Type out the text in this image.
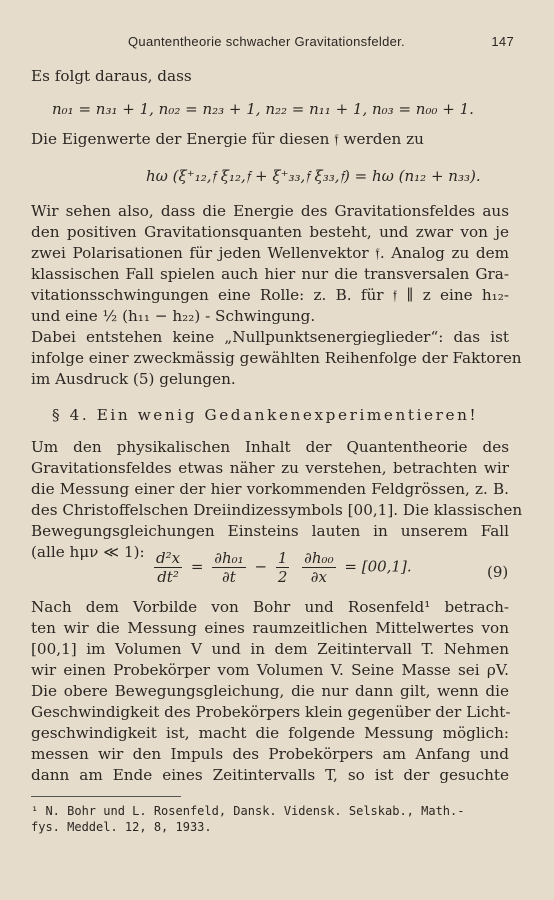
Quantentheorie schwacher Gravitationsfelder.	147
Es folgt daraus, dass
n₀₁ = n₃₁ + 1, n₀₂ = n₂₃ + 1, n₂₂ = n₁₁ + 1, n₀₃ = n₀₀ + 1.
Die Eigenwerte der Energie für diesen 𝔣 werden zu
hω (ξ⁺₁₂,𝔣 ξ₁₂,𝔣 + ξ⁺₃₃,𝔣 ξ₃₃,𝔣) = hω (n₁₂ + n₃₃).
Wir sehen also, dass die Energie des Gravitationsfeldes aus
den positiven Gravitationsquanten besteht, und zwar von je
zwei Polarisationen für jeden Wellenvektor 𝔣. Analog zu dem
klassischen Fall spielen auch hier nur die transversalen Gra-
vitationsschwingungen eine Rolle: z. B. für 𝔣 ∥ z eine h₁₂-
und eine ½ (h₁₁ − h₂₂) - Schwingung.
Dabei entstehen keine „Nullpunktsenergieglieder“: das ist
infolge einer zweckmässig gewählten Reihenfolge der Faktoren
im Ausdruck (5) gelungen.
§ 4. Ein wenig Gedankenexperimentieren!
Um den physikalischen Inhalt der Quantentheorie des
Gravitationsfeldes etwas näher zu verstehen, betrachten wir
die Messung einer der hier vorkommenden Feldgrössen, z. B.
des Christoffelschen Dreiindizessymbols [00,1]. Die klassischen
Bewegungsgleichungen Einsteins lauten in unserem Fall
(alle hμν ≪ 1): $\frac{\text{d²x}}{\text{dt²}} = \frac{\text{∂h₀₁}}{\partial t} - \frac{1}{2}$
$\frac{\text{∂h₀₀}}{\partial x} = [00,1]$.	(9)
Nach dem Vorbilde von Bohr und Rosenfeld¹ betrach-
ten wir die Messung eines raumzeitlichen Mittelwertes von
[00,1] im Volumen V und in dem Zeitintervall T. Nehmen
wir einen Probekörper vom Volumen V. Seine Masse sei ρV.
Die obere Bewegungsgleichung, die nur dann gilt, wenn die
Geschwindigkeit des Probekörpers klein gegenüber der Licht-
geschwindigkeit ist, macht die folgende Messung möglich:
messen wir den Impuls des Probekörpers am Anfang und
dann am Ende eines Zeitintervalls T, so ist der gesuchte
¹ N. Bohr und L. Rosenfeld, Dansk. Vidensk. Selskab., Math.-
fys. Meddel. 12, 8, 1933.
